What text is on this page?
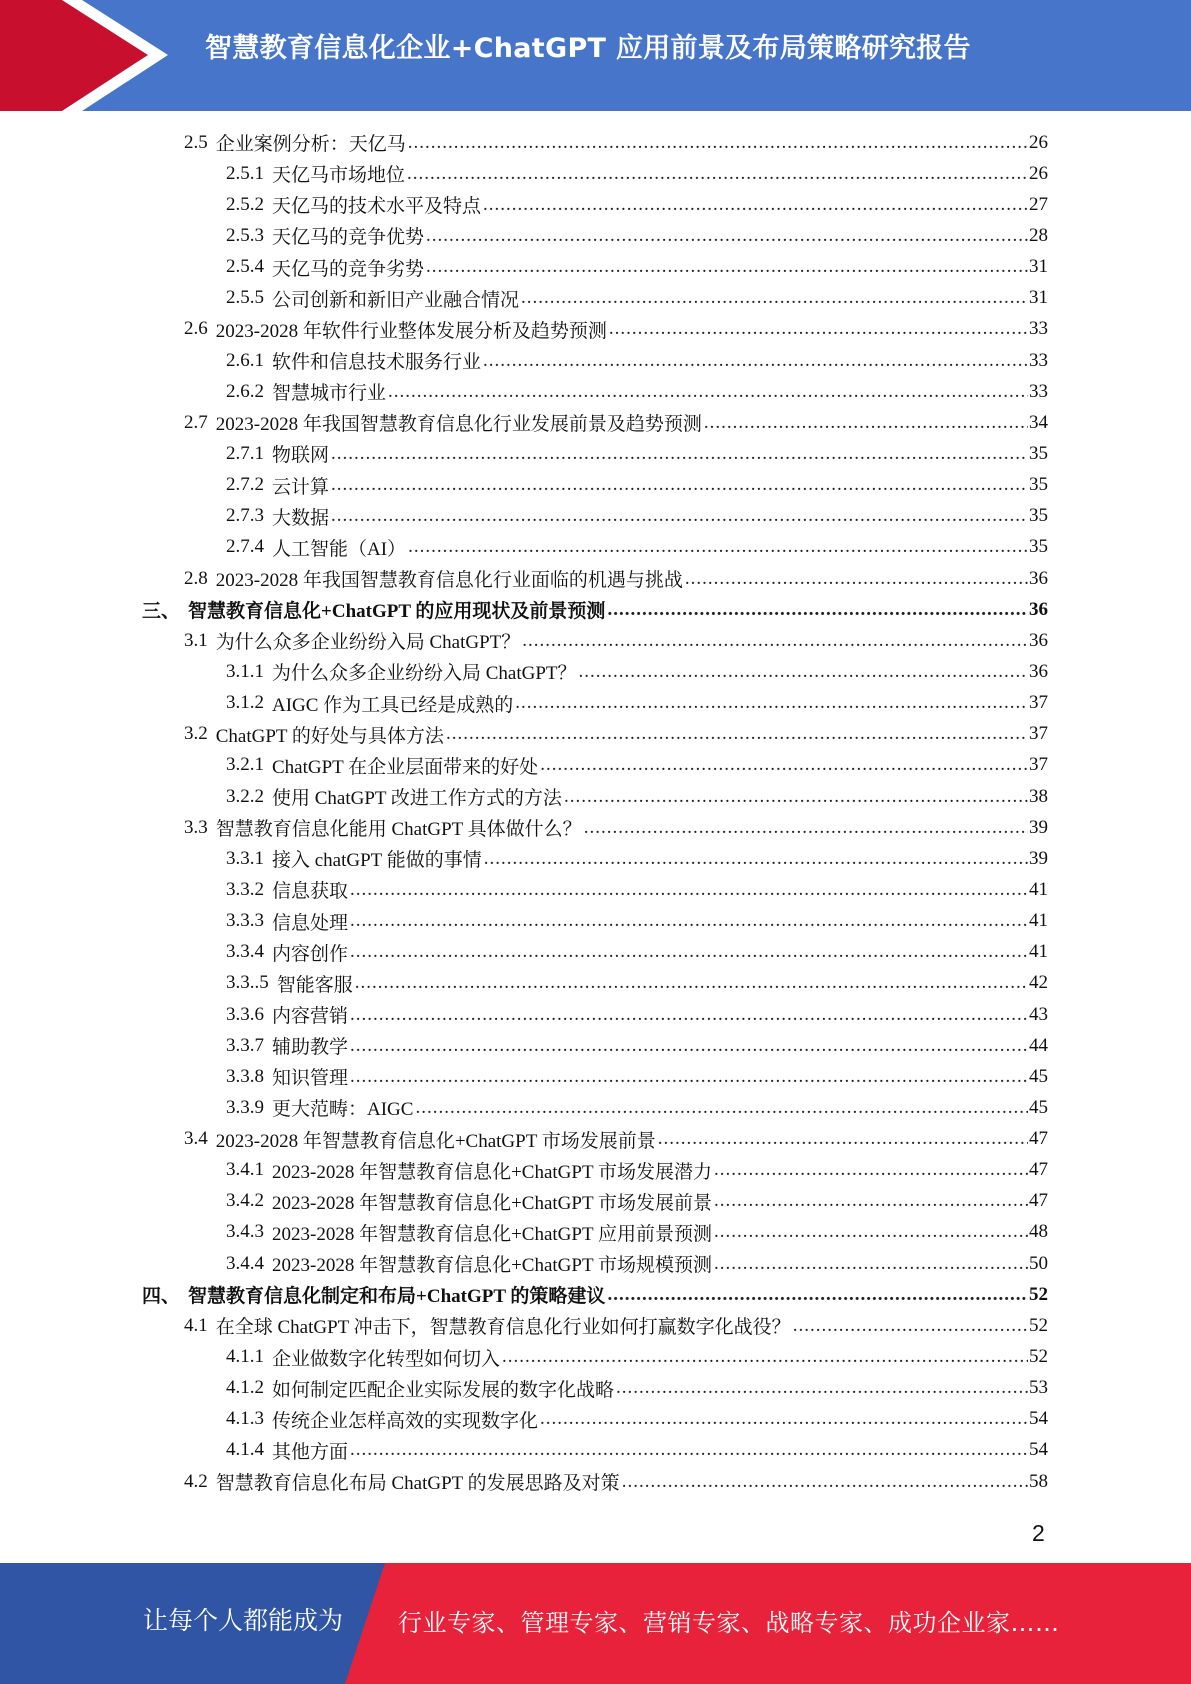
智慧教育信息化企业+ChatGPT 应用前景及布局策略研究报告
2.5 企业案例分析：天亿马 .....	26
2.5.1 天亿马市场地位 .....	26
2.5.2 天亿马的技术水平及特点 .....	27
2.5.3 天亿马的竞争优势 .....	28
2.5.4 天亿马的竞争劣势 .....	31
2.5.5 公司创新和新旧产业融合情况 .....	31
2.6 2023-2028 年软件行业整体发展分析及趋势预测 .....	33
2.6.1 软件和信息技术服务行业 .....	33
2.6.2 智慧城市行业 .....	33
2.7 2023-2028 年我国智慧教育信息化行业发展前景及趋势预测 .....	34
2.7.1 物联网 .....	35
2.7.2 云计算 .....	35
2.7.3 大数据 .....	35
2.7.4 人工智能（AI） .....	35
2.8 2023-2028 年我国智慧教育信息化行业面临的机遇与挑战 .....	36
三、 智慧教育信息化+ChatGPT 的应用现状及前景预测 .....	36
3.1 为什么众多企业纷纷入局 ChatGPT？ .....	36
3.1.1 为什么众多企业纷纷入局 ChatGPT？ .....	36
3.1.2 AIGC 作为工具已经是成熟的 .....	37
3.2 ChatGPT 的好处与具体方法 .....	37
3.2.1 ChatGPT 在企业层面带来的好处 .....	37
3.2.2 使用 ChatGPT 改进工作方式的方法 .....	38
3.3 智慧教育信息化能用 ChatGPT 具体做什么？ .....	39
3.3.1 接入 chatGPT 能做的事情 .....	39
3.3.2 信息获取 .....	41
3.3.3 信息处理 .....	41
3.3.4 内容创作 .....	41
3.3..5 智能客服 .....	42
3.3.6 内容营销 .....	43
3.3.7 辅助教学 .....	44
3.3.8 知识管理 .....	45
3.3.9 更大范畴：AIGC .....	45
3.4 2023-2028 年智慧教育信息化+ChatGPT 市场发展前景 .....	47
3.4.1 2023-2028 年智慧教育信息化+ChatGPT 市场发展潜力 .....	47
3.4.2 2023-2028 年智慧教育信息化+ChatGPT 市场发展前景 .....	47
3.4.3 2023-2028 年智慧教育信息化+ChatGPT 应用前景预测 .....	48
3.4.4 2023-2028 年智慧教育信息化+ChatGPT 市场规模预测 .....	50
四、 智慧教育信息化制定和布局+ChatGPT 的策略建议 .....	52
4.1 在全球 ChatGPT 冲击下，智慧教育信息化行业如何打赢数字化战役？ .....	52
4.1.1 企业做数字化转型如何切入 .....	52
4.1.2 如何制定匹配企业实际发展的数字化战略 .....	53
4.1.3 传统企业怎样高效的实现数字化 .....	54
4.1.4 其他方面 .....	54
4.2 智慧教育信息化布局 ChatGPT 的发展思路及对策 .....	58
2
让每个人都能成为 行业专家、管理专家、营销专家、战略专家、成功企业家……
